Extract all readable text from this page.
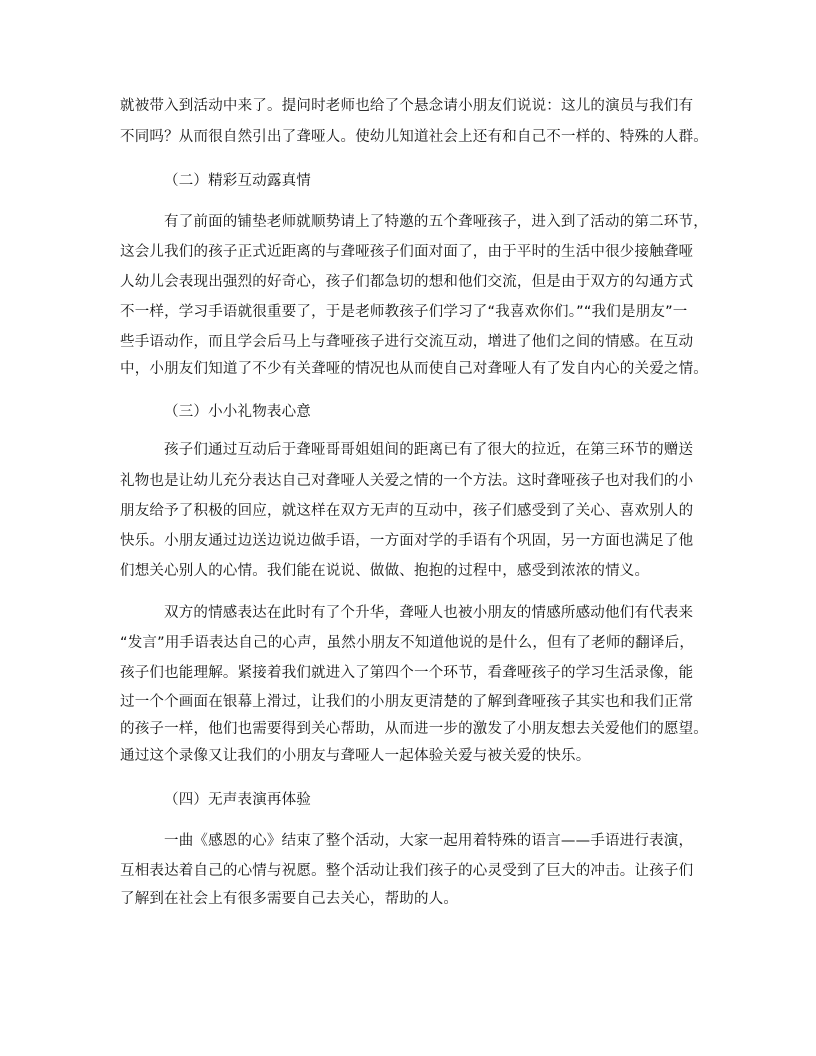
就被带入到活动中来了。提问时老师也给了个悬念请小朋友们说说：这儿的演员与我们有
不同吗？从而很自然引出了聋哑人。使幼儿知道社会上还有和自己不一样的、特殊的人群。
（二）精彩互动露真情
有了前面的铺垫老师就顺势请上了特邀的五个聋哑孩子，进入到了活动的第二环节，
这会儿我们的孩子正式近距离的与聋哑孩子们面对面了，由于平时的生活中很少接触聋哑
人幼儿会表现出强烈的好奇心，孩子们都急切的想和他们交流，但是由于双方的勾通方式
不一样，学习手语就很重要了，于是老师教孩子们学习了“我喜欢你们。”“我们是朋友”一
些手语动作，而且学会后马上与聋哑孩子进行交流互动，增进了他们之间的情感。在互动
中，小朋友们知道了不少有关聋哑的情况也从而使自己对聋哑人有了发自内心的关爱之情。
（三）小小礼物表心意
孩子们通过互动后于聋哑哥哥姐姐间的距离已有了很大的拉近，在第三环节的赠送
礼物也是让幼儿充分表达自己对聋哑人关爱之情的一个方法。这时聋哑孩子也对我们的小
朋友给予了积极的回应，就这样在双方无声的互动中，孩子们感受到了关心、喜欢别人的
快乐。小朋友通过边送边说边做手语，一方面对学的手语有个巩固，另一方面也满足了他
们想关心别人的心情。我们能在说说、做做、抱抱的过程中，感受到浓浓的情义。
双方的情感表达在此时有了个升华，聋哑人也被小朋友的情感所感动他们有代表来
“发言”用手语表达自己的心声，虽然小朋友不知道他说的是什么，但有了老师的翻译后，
孩子们也能理解。紧接着我们就进入了第四个一个环节，看聋哑孩子的学习生活录像，能
过一个个画面在银幕上滑过，让我们的小朋友更清楚的了解到聋哑孩子其实也和我们正常
的孩子一样，他们也需要得到关心帮助，从而进一步的激发了小朋友想去关爱他们的愿望。
通过这个录像又让我们的小朋友与聋哑人一起体验关爱与被关爱的快乐。
（四）无声表演再体验
一曲《感恩的心》结束了整个活动，大家一起用着特殊的语言——手语进行表演，
互相表达着自己的心情与祝愿。整个活动让我们孩子的心灵受到了巨大的冲击。让孩子们
了解到在社会上有很多需要自己去关心，帮助的人。
